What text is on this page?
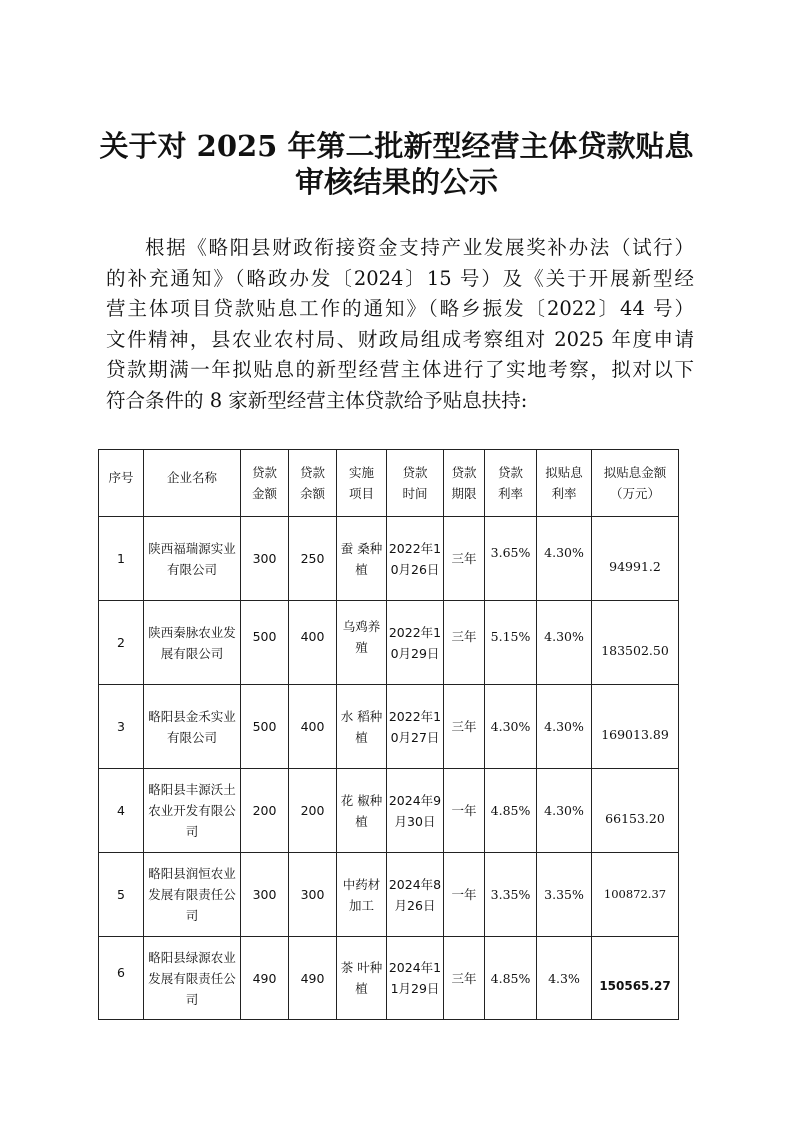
关于对 2025 年第二批新型经营主体贷款贴息
审核结果的公示
根据《略阳县财政衔接资金支持产业发展奖补办法（试行）
的补充通知》（略政办发〔2024〕15 号）及《关于开展新型经
营主体项目贷款贴息工作的通知》（略乡振发〔2022〕44 号）
文件精神，县农业农村局、财政局组成考察组对 2025 年度申请
贷款期满一年拟贴息的新型经营主体进行了实地考察，拟对以下
符合条件的 8 家新型经营主体贷款给予贴息扶持:
序号	企业名称	贷款金额	贷款余额	实施项目	贷款时间	贷款期限	贷款利率	拟贴息利率	拟贴息金额（万元）
1	陕西福瑞源实业有限公司	300	250	蚕 桑种植	2022年10月26日	三年	3.65%	4.30%	94991.2
2	陕西秦脉农业发展有限公司	500	400	乌鸡养殖	2022年10月29日	三年	5.15%	4.30%	183502.50
3	略阳县金禾实业有限公司	500	400	水 稻种植	2022年10月27日	三年	4.30%	4.30%	169013.89
4	略阳县丰源沃土农业开发有限公司	200	200	花 椒种植	2024年9月30日	一年	4.85%	4.30%	66153.20
5	略阳县润恒农业发展有限责任公司	300	300	中药材加工	2024年8月26日	一年	3.35%	3.35%	100872.37
6	略阳县绿源农业发展有限责任公司	490	490	茶 叶种植	2024年11月29日	三年	4.85%	4.3%	150565.27
